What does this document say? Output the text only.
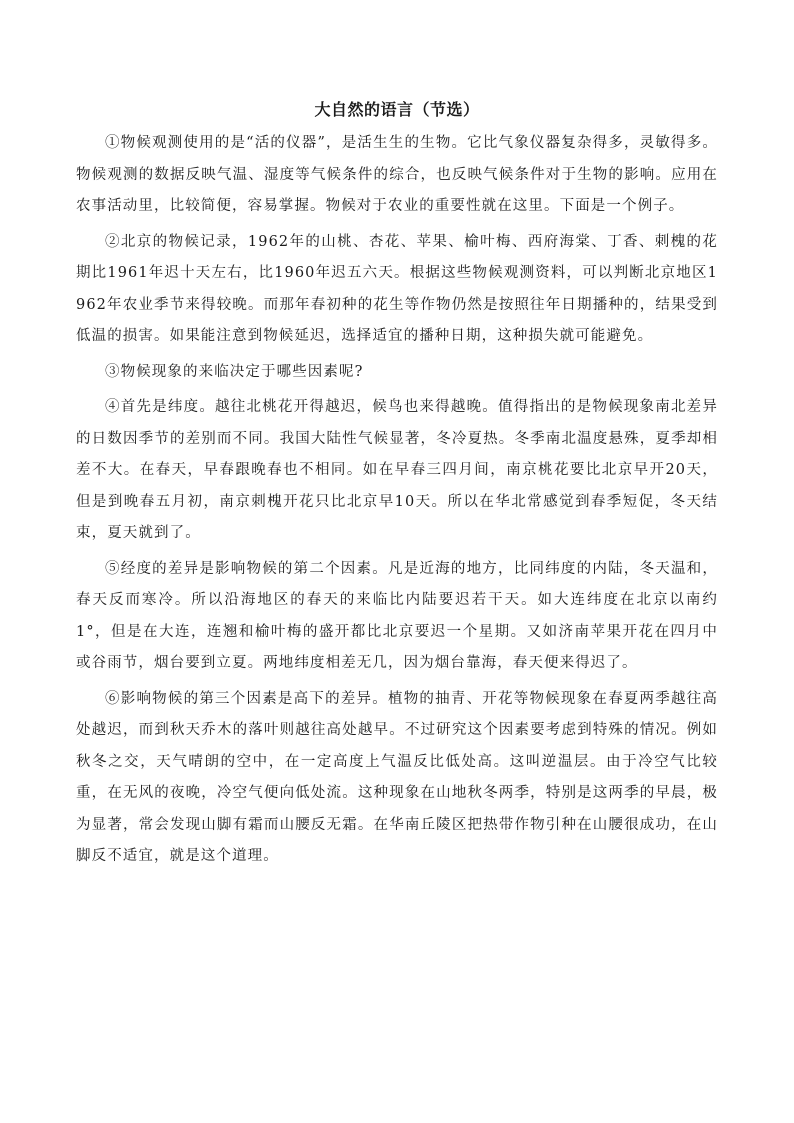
大自然的语言（节选）

①物候观测使用的是“活的仪器”，是活生生的生物。它比气象仪器复杂得多，灵敏得多。物候观测的数据反映气温、湿度等气候条件的综合，也反映气候条件对于生物的影响。应用在农事活动里，比较简便，容易掌握。物候对于农业的重要性就在这里。下面是一个例子。

②北京的物候记录，1962年的山桃、杏花、苹果、榆叶梅、西府海棠、丁香、刺槐的花期比1961年迟十天左右，比1960年迟五六天。根据这些物候观测资料，可以判断北京地区1962年农业季节来得较晚。而那年春初种的花生等作物仍然是按照往年日期播种的，结果受到低温的损害。如果能注意到物候延迟，选择适宜的播种日期，这种损失就可能避免。

③物候现象的来临决定于哪些因素呢?

④首先是纬度。越往北桃花开得越迟，候鸟也来得越晚。值得指出的是物候现象南北差异的日数因季节的差别而不同。我国大陆性气候显著，冬冷夏热。冬季南北温度悬殊，夏季却相差不大。在春天，早春跟晚春也不相同。如在早春三四月间，南京桃花要比北京早开20天，但是到晚春五月初，南京刺槐开花只比北京早10天。所以在华北常感觉到春季短促，冬天结束，夏天就到了。

⑤经度的差异是影响物候的第二个因素。凡是近海的地方，比同纬度的内陆，冬天温和，春天反而寒冷。所以沿海地区的春天的来临比内陆要迟若干天。如大连纬度在北京以南约1°，但是在大连，连翘和榆叶梅的盛开都比北京要迟一个星期。又如济南苹果开花在四月中或谷雨节，烟台要到立夏。两地纬度相差无几，因为烟台靠海，春天便来得迟了。

⑥影响物候的第三个因素是高下的差异。植物的抽青、开花等物候现象在春夏两季越往高处越迟，而到秋天乔木的落叶则越往高处越早。不过研究这个因素要考虑到特殊的情况。例如秋冬之交，天气晴朗的空中，在一定高度上气温反比低处高。这叫逆温层。由于冷空气比较重，在无风的夜晚，冷空气便向低处流。这种现象在山地秋冬两季，特别是这两季的早晨，极为显著，常会发现山脚有霜而山腰反无霜。在华南丘陵区把热带作物引种在山腰很成功，在山脚反不适宜，就是这个道理。
